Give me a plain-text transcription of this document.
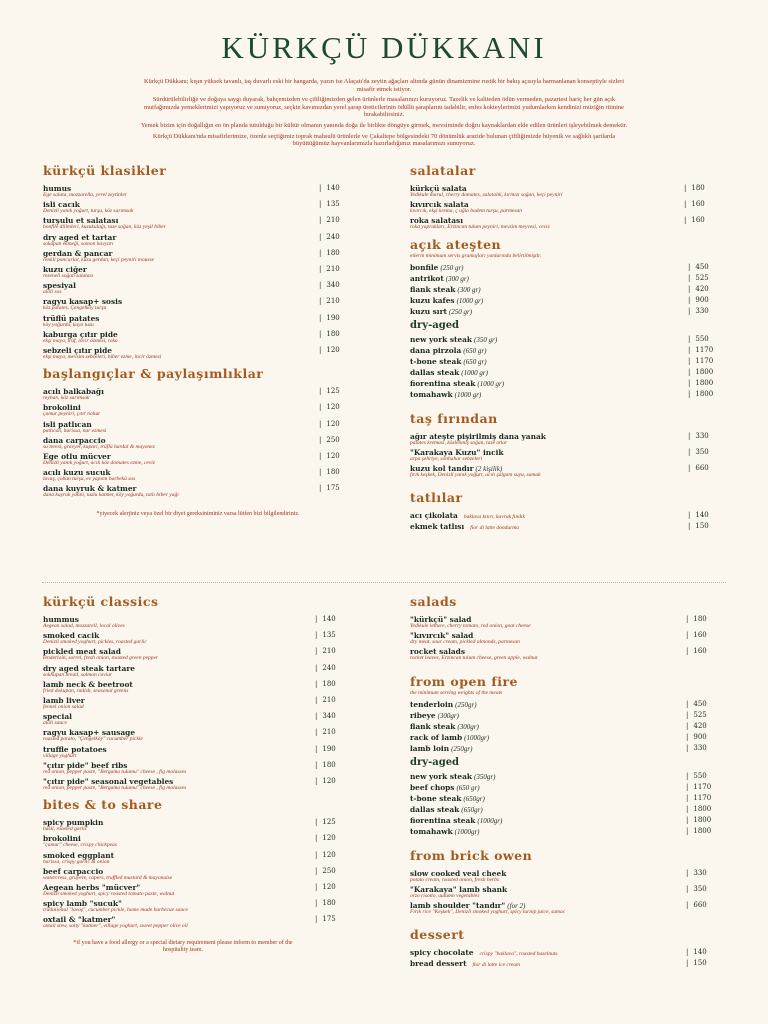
KÜRKÇÜ DÜKKANI

Kürkçü Dükkanı; kışın yüksek tavanlı, taş duvarlı eski bir hangarda, yazın ise Alaçatı'da zeytin ağaçları altında günün dinamizmine rustik bir bakış açısıyla harmanlanan konseptiyle sizleri misafir etmek istiyor.

Sürdürülebilirliğe ve doğaya saygı duyarak, bahçemizden ve çiftliğimizden gelen ürünlerle masalarınızı kuruyoruz. Tazelik ve kaliteden ödün vermeden, pazartesi hariç her gün açık mutfağımızda yemeklerimizi yapıyoruz ve sunuyoruz, seçkin kavımızdan yerel şarap üreticilerinin ödüllü şaraplarını tadabilir, enfes kokteylerimizi yudumlarken kendinizi müziğin ritmine bırakabilirsiniz.

Yemek bizim için doğallığın en ön planda tutulduğu bir kültür olmanın yanında doğa ile birlikte döngüye girmek, mevsiminde doğru kaynaklardan elde edilen ürünleri işleyebilmek demektir.

Kürkçü Dükkanı'nda misafirlerimize, özenle seçtiğimiz toprak mahsulü ürünlerle ve Çakaltepe bölgesindeki 70 dönümlük arazide bulunan çiftliğimizde hüyenik ve sağlıklı şartlarda büyüttüğümüz hayvanlarımızla hazırladığımız masalarımızı sunuyoruz.

kürkçü klasikler
humus	| 140
Ege salata, mozzarella, yerel zeytinler
isli cacık	| 135
Denizli yanık yoğurt, turşu, köz sarımsak
turşulu et salatası	| 210
bonfile dilimleri, kuzukulağı, taze soğan, köz yeşil biber
dry aged et tartar	| 240
sokupan ekmeği, somon havyarı
gerdan & pancar	| 180
renkli pancarlar, kuzu gerdan, keçi peyniri mousse
kuzu ciğer	| 210
rezeneli soğan salatası
spesiyal	| 340
aioli sos
ragyu kasap+ sosis	| 210
köz patates, Çengelköy turşu
trüflü patates	| 190
köy yoğurdu, kaya tuzu
kaburga çıtır pide	| 180
ekşi maya, trüf, incir özmesi, roka
sebzeli çıtır pide	| 120
ekşi maya, mevsim sebzeleri, biber ezme, incir özmesi
başlangıçlar & paylaşımlıklar
acılı balkabağı	| 125
reyhan, köz sarımsak
brokolini	| 120
çamur peyniri, çıtır nohut
isli patlıcan	| 120
patlıcan, harissa, nar ezmesi
dana carpaccio	| 250
su teresi, gravyer, kapari, trüflü hardal & mayonez
Ege otlu mücver	| 120
Denizli yanık yoğurt, acılı köz domates ezme, ceviz
acılı kuzu sucuk	| 180
lavaş, çoban turşu, ev yapımı barbekü sos
dana kuyruk & katmer	| 175
dana kuyruk yahni, tuzlu katmer, köy yoğurdu, tatlı biber yağı
*yiyecek alerjiniz veya özel bir diyet gereksiniminiz varsa lütfen bizi bilgilendiriniz.
salatalar
kürkçü salata	| 180
Yedikule marul, cherry domates, salatalık, kırmızı soğan, keçi peyniri
kıvırcık salata	| 160
kıvırcık, ekşi krema, ç ağla badem turşu, parmesan
roka salatası	| 160
roka yaprakları, Erzincan tulum peyniri, mevsim meyvesi, ceviz
açık ateşten
etlerin minimum servis gramajları yanlarında belirtilmiştir.
bonfile (250 gr)	| 450
antrikot (300 gr)	| 525
flank steak (300 gr)	| 420
kuzu kafes (1000 gr)	| 900
kuzu sırt (250 gr)	| 330
dry-aged
new york steak (350 gr)	| 550
dana pirzola (650 gr)	| 1170
t-bone steak (650 gr)	| 1170
dallas steak (1000 gr)	| 1800
fiorentina steak (1000 gr)	| 1800
tomahawk (1000 gr)	| 1800
taş fırından
ağır ateşte pişirilmiş dana yanak	| 330
patates kreması, közlenmiş soğan, taze otlar
"Karakaya Kuzu" incik	| 350
arpa şehriye, sonbahar sebzeleri
kuzu kol tandır (2 kişilik)	| 660
fırık keşkek, Denizli yanık yoğurt, acılı şalgam suyu, sumak
tatlılar
acı çikolata baklava kıtırı, kavruk fındık	| 140
ekmek tatlısı fior di latte dondurma	| 150
kürkçü classics
hummus	| 140
Aegean salad, mozzarell, local olives
smoked cacik	| 135
Denizli smoked yoghurt, pickles, roasted garlic
pickled meat salad	| 210
tenderloin, sorrel, fresh onion, roasted green pepper
dry aged steak tartare	| 240
sokhupan bread, salmon caviar
lamb neck & beetroot	| 180
fried dokupan, radish, seasonal greens
lamb liver	| 210
fennel onion salad
special	| 340
aioli sauce
ragyu kasap+ sausage	| 210
roasted potato, "Çengelköy" cucumber pickle
truffle potatoes	| 190
village yoghurt
"çıtır pide" beef ribs	| 180
red onion, pepper paste, "Bergama tulumu" cheese , fig molasses
"çıtır pide" seasonal vegetables	| 120
red onion, pepper paste, "Bergama tulumu" cheese , fig molasses
bites & to share
spicy pumpkin	| 125
basil, roasted garlic
brokolini	| 120
"çamur" cheese, crispy chickpeas
smoked eggplant	| 120
harissa, crispy garlic & onion
beef carpaccio	| 250
watercress, gruyere, capers, truffled mustard & mayonaise
Aegean herbs "mücver"	| 120
Denizli smoked yoghurt, spicy roasted tomato paste, walnut
spicy lamb "sucuk"	| 180
tradational "lavaş", cucumber pickle, home made barbecue sauce
oxtail & "katmer"	| 175
oxtail stew, salty "katmer", village yoghurt, sweet pepper olive oil
*if you have a food allergy or a special dietary requirement please inform to member of the hospitality team.
salads
"kürkçü" salad	| 180
Yedikule lettuce, cherry tomato, red onion, goat cheese
"kıvırcık" salad	| 160
dry meat, sour cream, pickled almonds, parmesan
rocket salads	| 160
rocket leaves, Erzincan tulum cheese, green apple, walnut
from open fire
the minimum serving weights of the meats
tenderloin (250gr)	| 450
ribeye (300gr)	| 525
flank steak (300gr)	| 420
rack of lamb (1000gr)	| 900
lamb loin (250gr)	| 330
dry-aged
new york steak (350gr)	| 550
beef chops (650 gr)	| 1170
t-bone steak (650gr)	| 1170
dallas steak (650gr)	| 1800
fiorentina steak (1000gr)	| 1800
tomahawk (1000gr)	| 1800
from brick owen
slow cooked veal cheek	| 330
potato cream, roasted onion, fresh herbs
"Karakaya" lamb shank	| 350
orzo risotto, autumn vegetables
lamb shoulder "tandır" (for 2)	| 660
Fırık rice "Keşkek", Denizli smoked yoghurt, spicy turnip juice, sumac
dessert
spicy chocolate crispy "baklava", roasted hazelnuts	| 140
bread dessert fior di latte ice cream	| 150
